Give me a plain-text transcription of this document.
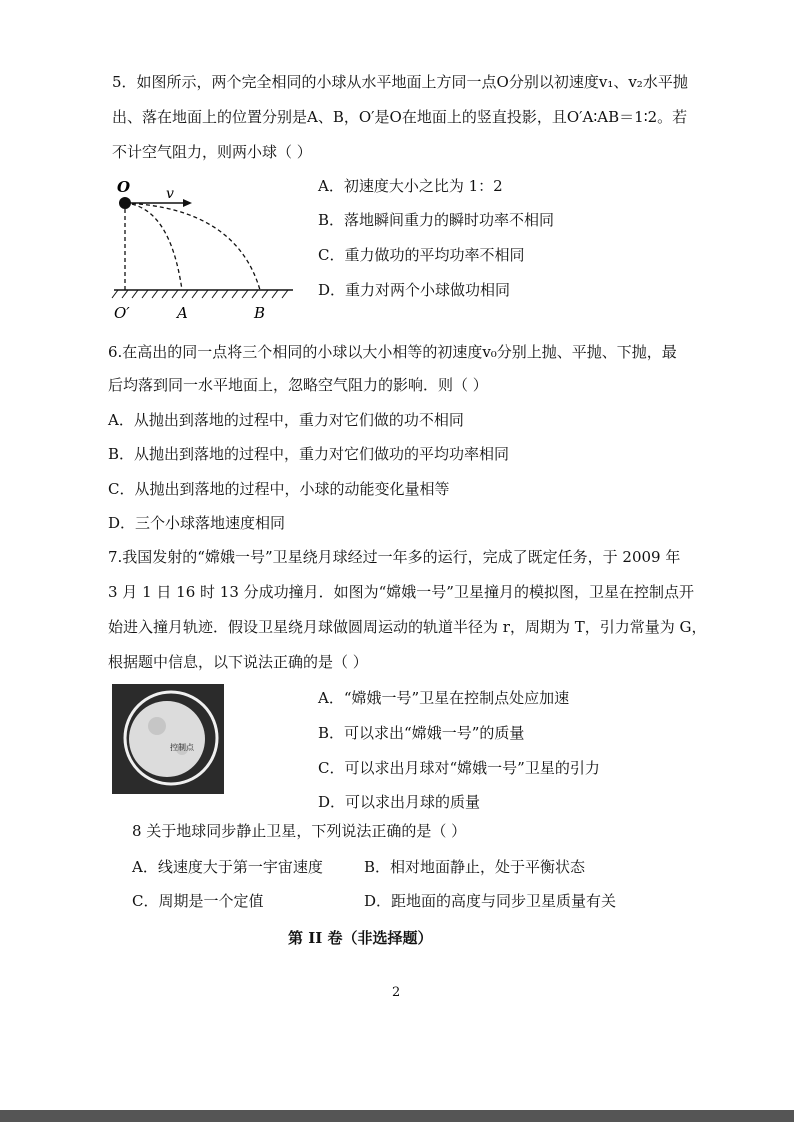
5．如图所示，两个完全相同的小球从水平地面上方同一点O分别以初速度v₁、v₂水平抛
出、落在地面上的位置分别是A、B，O′是O在地面上的竖直投影，且O′A∶AB＝1∶2。若
不计空气阻力，则两小球（ ）
O	v
O′	A	B
A．初速度大小之比为 1：2
B．落地瞬间重力的瞬时功率不相同
C．重力做功的平均功率不相同
D．重力对两个小球做功相同
6.在高出的同一点将三个相同的小球以大小相等的初速度v₀分别上抛、平抛、下抛，最
后均落到同一水平地面上，忽略空气阻力的影响．则（ ）
A．从抛出到落地的过程中，重力对它们做的功不相同
B．从抛出到落地的过程中，重力对它们做功的平均功率相同
C．从抛出到落地的过程中，小球的动能变化量相等
D．三个小球落地速度相同
7.我国发射的“嫦娥一号”卫星绕月球经过一年多的运行，完成了既定任务，于 2009 年
3 月 1 日 16 时 13 分成功撞月．如图为“嫦娥一号”卫星撞月的模拟图，卫星在控制点开
始进入撞月轨迹．假设卫星绕月球做圆周运动的轨道半径为 r，周期为 T，引力常量为 G，
根据题中信息，以下说法正确的是（ ）
控制点
A．“嫦娥一号”卫星在控制点处应加速
B．可以求出“嫦娥一号”的质量
C．可以求出月球对“嫦娥一号”卫星的引力
D．可以求出月球的质量
8 关于地球同步静止卫星，下列说法正确的是（ ）
A．线速度大于第一宇宙速度	B．相对地面静止，处于平衡状态
C．周期是一个定值	D．距地面的高度与同步卫星质量有关
第 II 卷（非选择题）
2
